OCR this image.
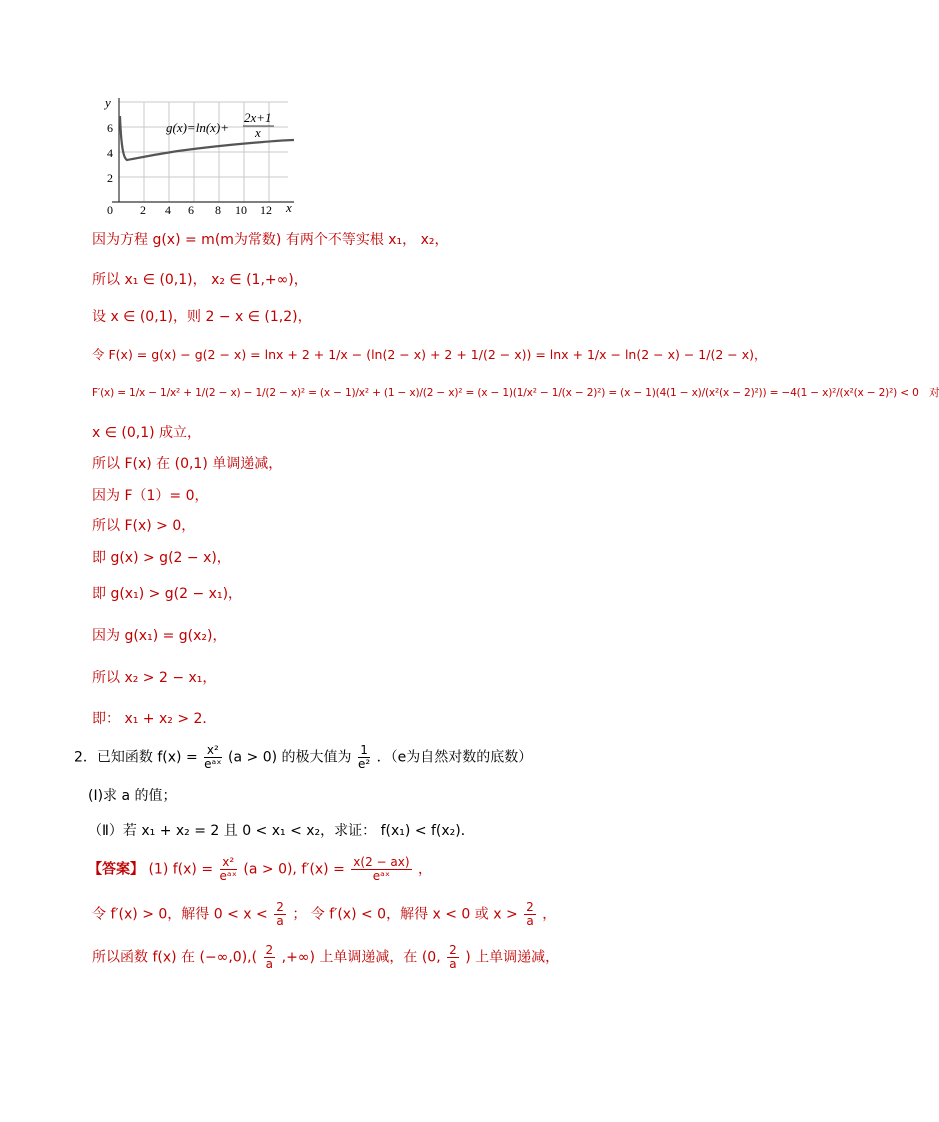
y
x
6
4
2
0 2 4 6 8 10 12
g(x)=ln(x)+
2x+1
x
因为方程 g(x) = m(m为常数) 有两个不等实根 x₁， x₂，
所以 x₁ ∈ (0,1)， x₂ ∈ (1,+∞)，
设 x ∈ (0,1)，则 2 − x ∈ (1,2)，
令 F(x) = g(x) − g(2 − x) = lnx + 2 + 1/x − (ln(2 − x) + 2 + 1/(2 − x)) = lnx + 1/x − ln(2 − x) − 1/(2 − x)，
F′(x) = 1/x − 1/x² + 1/(2 − x) − 1/(2 − x)² = (x − 1)/x² + (1 − x)/(2 − x)² = (x − 1)(1/x² − 1/(x − 2)²) = (x − 1)(4(1 − x)/(x²(x − 2)²)) = −4(1 − x)²/(x²(x − 2)²) < 0　对
x ∈ (0,1) 成立，
所以 F(x) 在 (0,1) 单调递减，
因为 F（1）= 0，
所以 F(x) > 0，
即 g(x) > g(2 − x)，
即 g(x₁) > g(2 − x₁)，
因为 g(x₁) = g(x₂)，
所以 x₂ > 2 − x₁，
即： x₁ + x₂ > 2．
2．已知函数 $f(x) = \frac{\text{x²}}{\text{eᵃˣ}} (a > 0)$ 的极大值为 $\frac{1}{\text{e²}}$ ．（e为自然对数的底数）
(I)求 a 的值；
（Ⅱ）若 x₁ + x₂ = 2 且 0 < x₁ < x₂，求证： f(x₁) < f(x₂)．
【答案】 (1) $f(x) = \frac{\text{x²}}{\text{eᵃˣ}} (a > 0)$, $f'(x) = \frac{x(2 - ax)}{\text{eᵃˣ}}$ ，
令 f′(x) > 0，解得 $0 < x < \frac{2}{a}$ ； 令 f′(x) < 0，解得 x < 0 或 $x > \frac{2}{a}$ ，
所以函数 f(x) 在 $(-\infty,0),( \frac{2}{a}$ ,+∞) 上单调递减，在 (0, $\frac{2}{a}$ ) 上单调递减，
